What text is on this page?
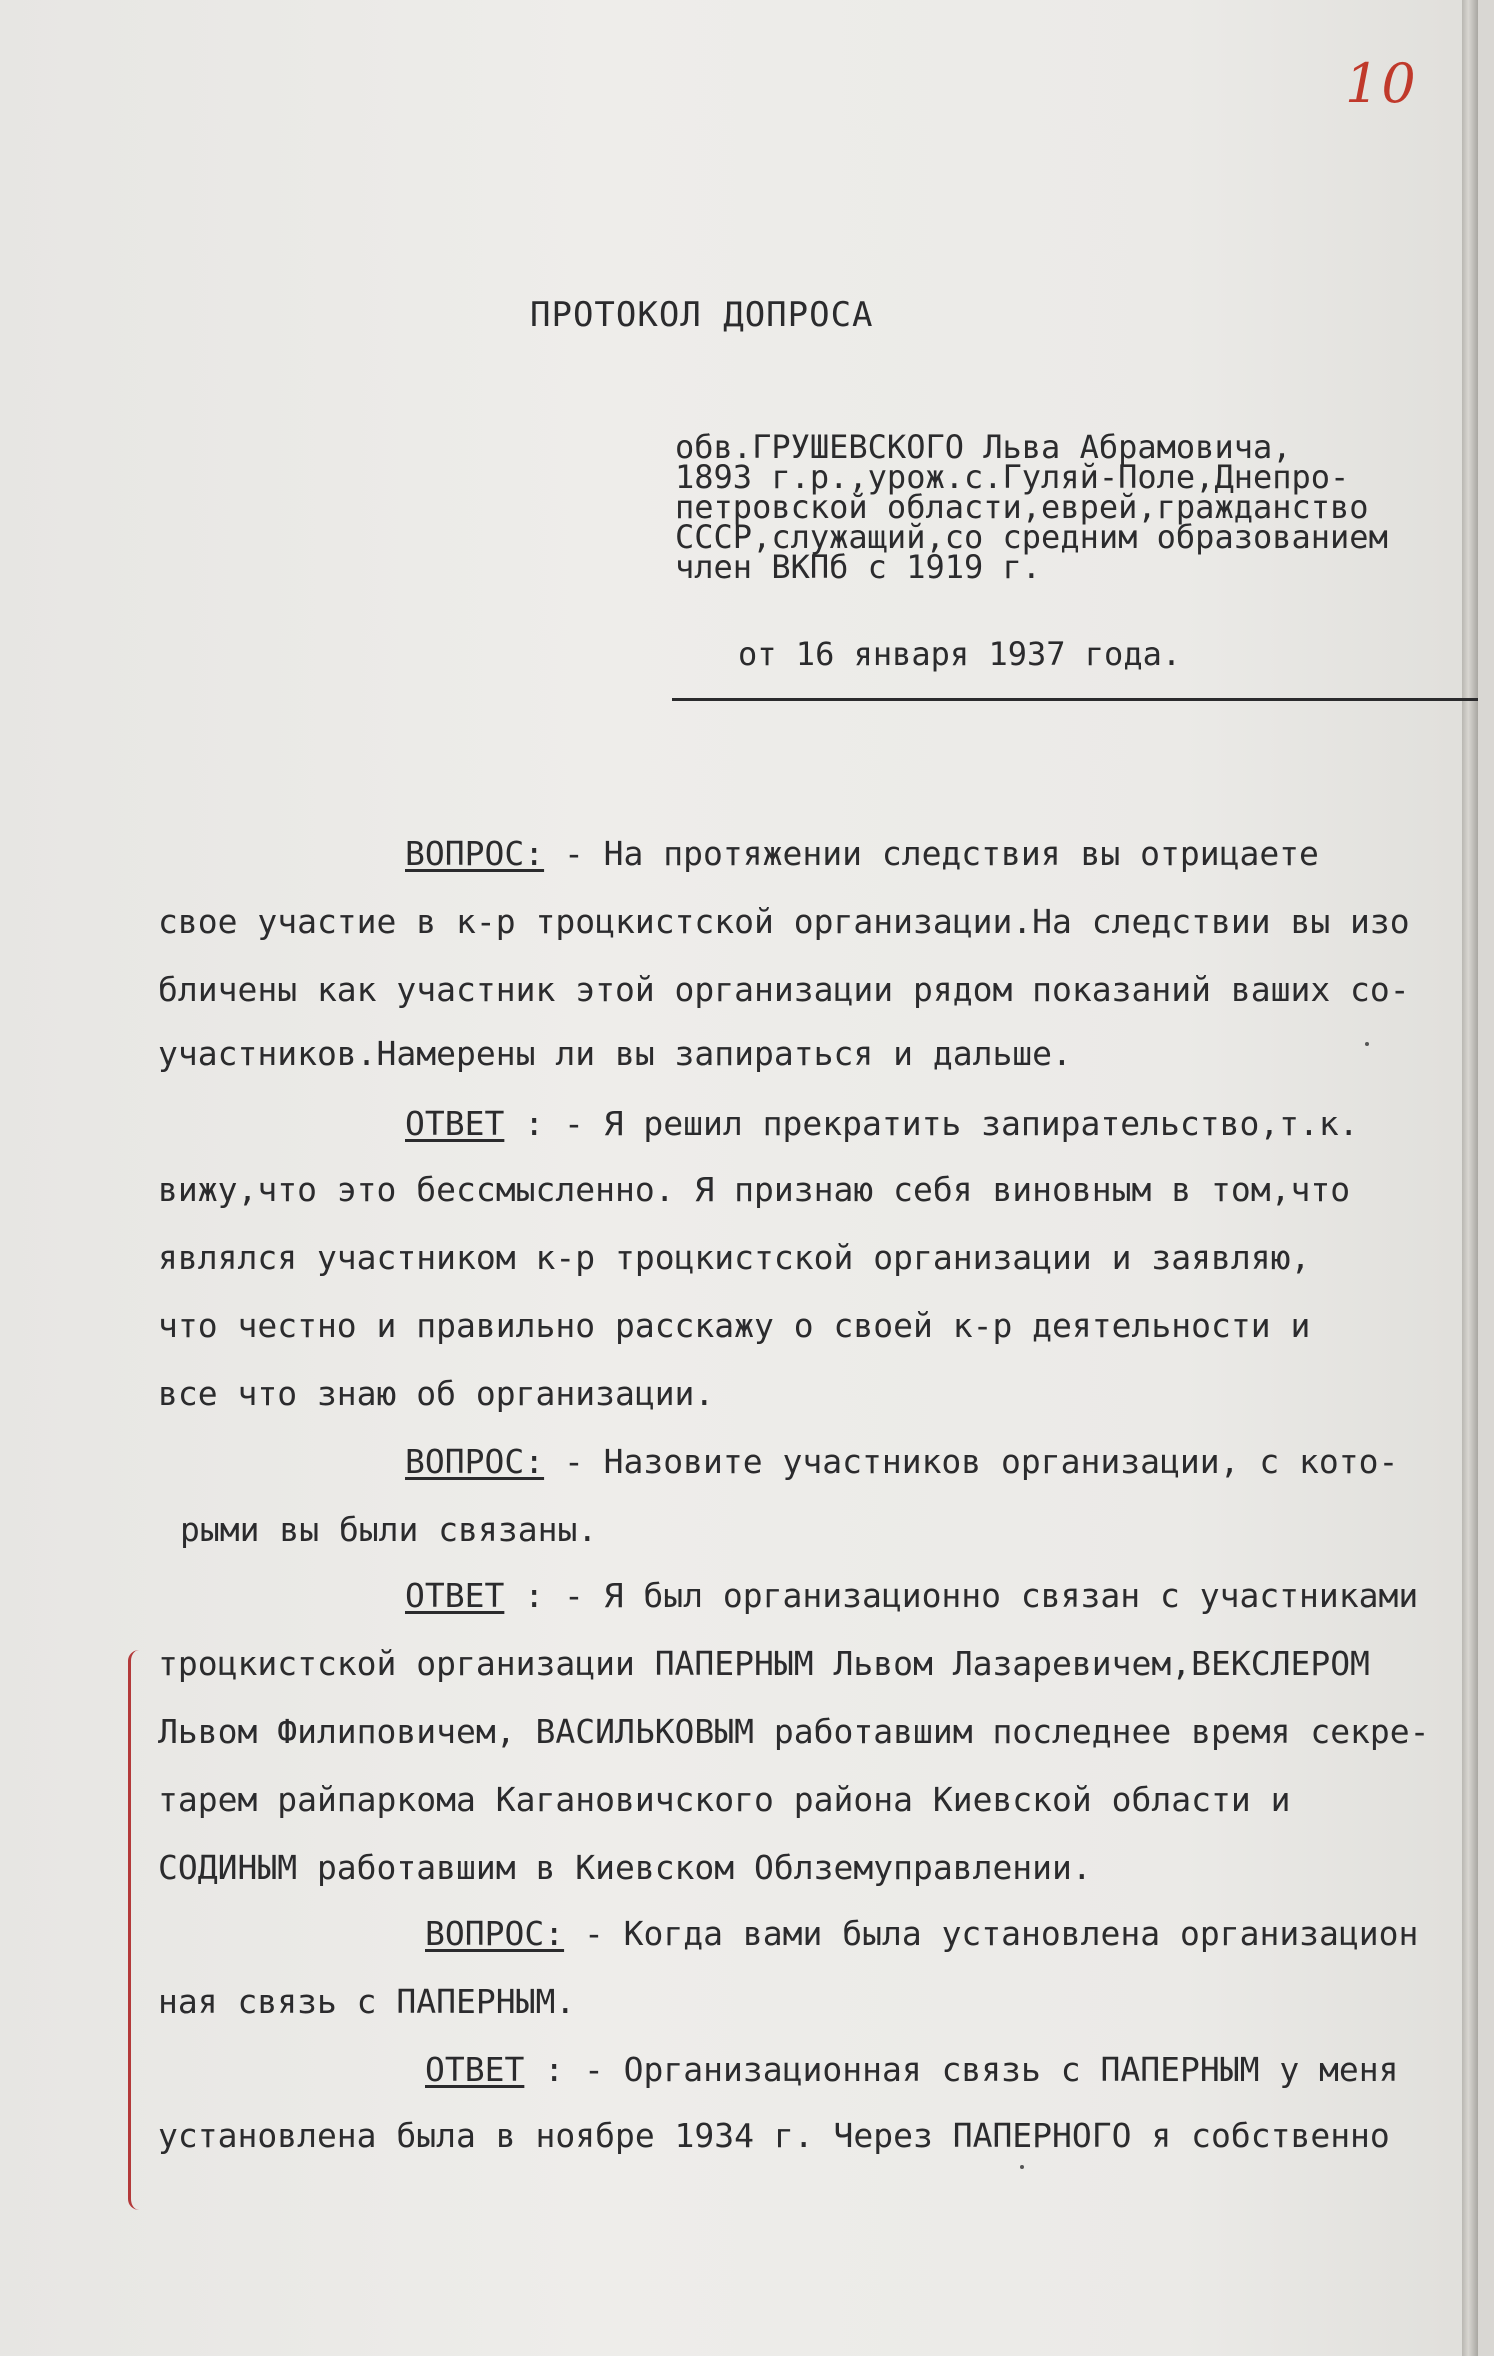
10
ПРОТОКОЛ ДОПРОСА
обв.ГРУШЕВСКОГО Льва Абрамовича,
1893 г.р.,урож.с.Гуляй-Поле,Днепро-
петровской области,еврей,гражданство
СССР,служащий,со средним образованием
член ВКПб с 1919 г.
от 16 января 1937 года.
ВОПРОС: - На протяжении следствия вы отрицаете
свое участие в к-р троцкистской организации.На следствии вы изо
бличены как участник этой организации рядом показаний ваших со-
участников.Намерены ли вы запираться и дальше.
ОТВЕТ : - Я решил прекратить запирательство,т.к.
вижу,что это бессмысленно. Я признаю себя виновным в том,что
являлся участником к-р троцкистской организации и заявляю,
что честно и правильно расскажу о своей к-р деятельности и
все что знаю об организации.
ВОПРОС: - Назовите участников организации, с кото-
рыми вы были связаны.
ОТВЕТ : - Я был организационно связан с участниками
троцкистской организации ПАПЕРНЫМ Львом Лазаревичем,ВЕКСЛЕРОМ
Львом Филиповичем, ВАСИЛЬКОВЫМ работавшим последнее время секре-
тарем райпаркома Кагановичского района Киевской области и
СОДИНЫМ работавшим в Киевском Облземуправлении.
ВОПРОС: - Когда вами была установлена организацион
ная связь с ПАПЕРНЫМ.
ОТВЕТ : - Организационная связь с ПАПЕРНЫМ у меня
установлена была в ноябре 1934 г. Через ПАПЕРНОГО я собственно
